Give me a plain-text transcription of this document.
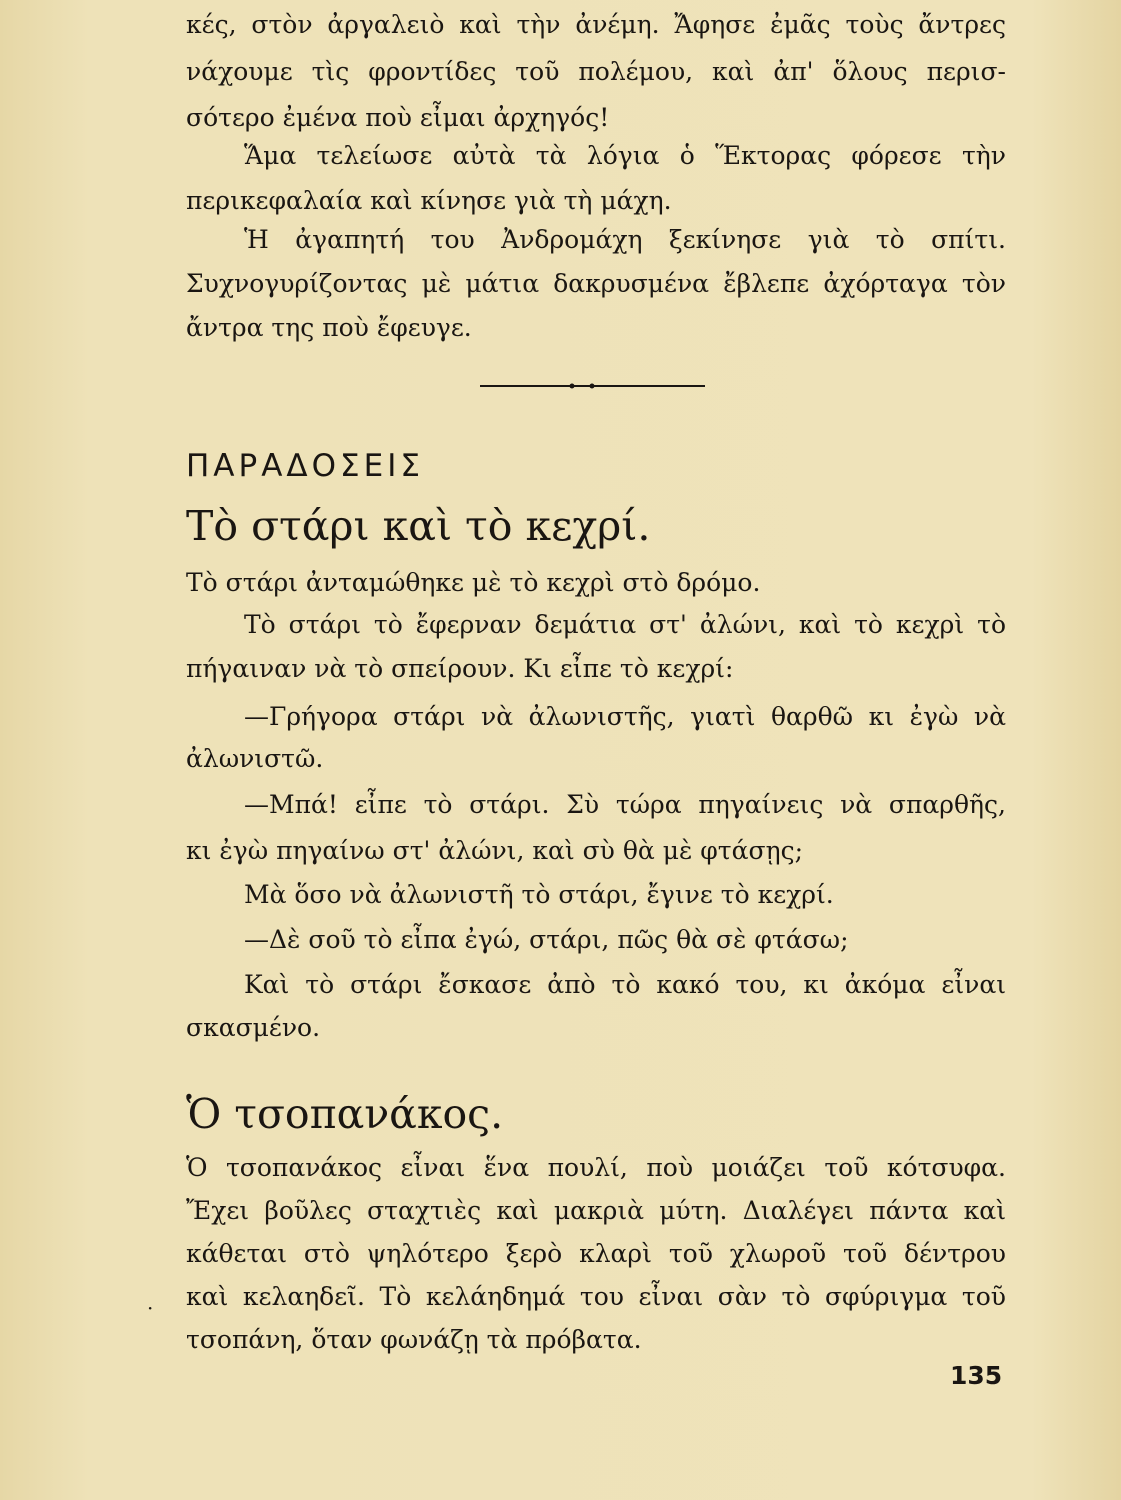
κές, στὸν ἀργαλειὸ καὶ τὴν ἀνέμη. Ἄφησε ἐμᾶς τοὺς ἄντρες
νάχουμε τὶς φροντίδες τοῦ πολέμου, καὶ ἀπ' ὅλους περισ-
σότερο ἐμένα ποὺ εἶμαι ἀρχηγός!
Ἅμα τελείωσε αὐτὰ τὰ λόγια ὁ Ἕκτορας φόρεσε τὴν
περικεφαλαία καὶ κίνησε γιὰ τὴ μάχη.
Ἡ ἀγαπητή του Ἀνδρομάχη ξεκίνησε γιὰ τὸ σπίτι.
Συχνογυρίζοντας μὲ μάτια δακρυσμένα ἔβλεπε ἀχόρταγα τὸν
ἄντρα της ποὺ ἔφευγε.
ΠΑΡΑΔΟΣΕΙΣ
Τὸ στάρι καὶ τὸ κεχρί.
Τὸ στάρι ἀνταμώθηκε μὲ τὸ κεχρὶ στὸ δρόμο.
Τὸ στάρι τὸ ἔφερναν δεμάτια στ' ἀλώνι, καὶ τὸ κεχρὶ τὸ
πήγαιναν νὰ τὸ σπείρουν. Κι εἶπε τὸ κεχρί:
—Γρήγορα στάρι νὰ ἀλωνιστῆς, γιατὶ θαρθῶ κι ἐγὼ νὰ
ἀλωνιστῶ.
—Μπά! εἶπε τὸ στάρι. Σὺ τώρα πηγαίνεις νὰ σπαρθῆς,
κι ἐγὼ πηγαίνω στ' ἀλώνι, καὶ σὺ θὰ μὲ φτάσῃς;
Μὰ ὅσο νὰ ἀλωνιστῆ τὸ στάρι, ἔγινε τὸ κεχρί.
—Δὲ σοῦ τὸ εἶπα ἐγώ, στάρι, πῶς θὰ σὲ φτάσω;
Καὶ τὸ στάρι ἔσκασε ἀπὸ τὸ κακό του, κι ἀκόμα εἶναι
σκασμένο.
Ὁ τσοπανάκος.
Ὁ τσοπανάκος εἶναι ἕνα πουλί, ποὺ μοιάζει τοῦ κότσυφα.
Ἔχει βοῦλες σταχτιὲς καὶ μακριὰ μύτη. Διαλέγει πάντα καὶ
κάθεται στὸ ψηλότερο ξερὸ κλαρὶ τοῦ χλωροῦ τοῦ δέντρου
καὶ κελαηδεῖ. Τὸ κελάηδημά του εἶναι σὰν τὸ σφύριγμα τοῦ
τσοπάνη, ὅταν φωνάζῃ τὰ πρόβατα.
·
135
